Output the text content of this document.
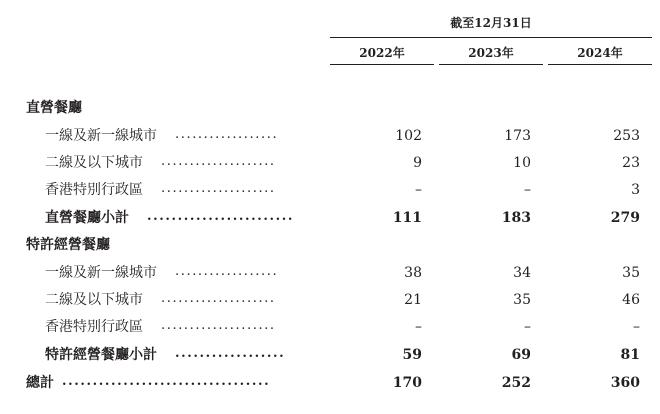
截至12月31日
2022年	2023年	2024年
直營餐廳
一線及新一線城市 ..................	102	173	253
二線及以下城市 ....................	9	10	23
香港特別行政區 ....................	–	–	3
直營餐廳小計 ........................	111	183	279
特許經營餐廳
一線及新一線城市 ..................	38	34	35
二線及以下城市 ....................	21	35	46
香港特別行政區 ....................	–	–	–
特許經營餐廳小計 ..................	59	69	81
總計 ..................................	170	252	360
